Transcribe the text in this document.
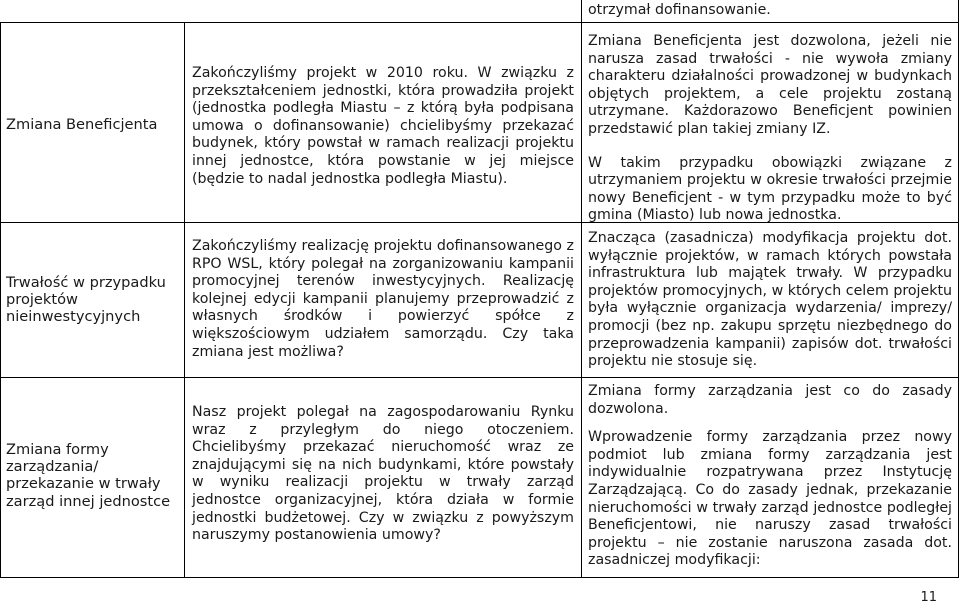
otrzymał dofinansowanie.
Zmiana Beneficjenta

Zakończyliśmy projekt w 2010 roku. W związku z przekształceniem jednostki, która prowadziła projekt (jednostka podległa Miastu – z którą była podpisana umowa o dofinansowanie) chcielibyśmy przekazać budynek, który powstał w ramach realizacji projektu innej jednostce, która powstanie w jej miejsce (będzie to nadal jednostka podległa Miastu).

Zmiana Beneficjenta jest dozwolona, jeżeli nie narusza zasad trwałości - nie wywoła zmiany charakteru działalności prowadzonej w budynkach objętych projektem, a cele projektu zostaną utrzymane. Każdorazowo Beneficjent powinien przedstawić plan takiej zmiany IZ.

W takim przypadku obowiązki związane z utrzymaniem projektu w okresie trwałości przejmie nowy Beneficjent - w tym przypadku może to być gmina (Miasto) lub nowa jednostka.

Trwałość w przypadku projektów nieinwestycyjnych

Zakończyliśmy realizację projektu dofinansowanego z RPO WSL, który polegał na zorganizowaniu kampanii promocyjnej terenów inwestycyjnych. Realizację kolejnej edycji kampanii planujemy przeprowadzić z własnych środków i powierzyć spółce z większościowym udziałem samorządu. Czy taka zmiana jest możliwa?

Znacząca (zasadnicza) modyfikacja projektu dot. wyłącznie projektów, w ramach których powstała infrastruktura lub majątek trwały. W przypadku projektów promocyjnych, w których celem projektu była wyłącznie organizacja wydarzenia/ imprezy/ promocji (bez np. zakupu sprzętu niezbędnego do przeprowadzenia kampanii) zapisów dot. trwałości projektu nie stosuje się.

Zmiana formy zarządzania/ przekazanie w trwały zarząd innej jednostce

Nasz projekt polegał na zagospodarowaniu Rynku wraz z przyległym do niego otoczeniem. Chcielibyśmy przekazać nieruchomość wraz ze znajdującymi się na nich budynkami, które powstały w wyniku realizacji projektu w trwały zarząd jednostce organizacyjnej, która działa w formie jednostki budżetowej. Czy w związku z powyższym naruszymy postanowienia umowy?

Zmiana formy zarządzania jest co do zasady dozwolona.

Wprowadzenie formy zarządzania przez nowy podmiot lub zmiana formy zarządzania jest indywidualnie rozpatrywana przez Instytucję Zarządzającą. Co do zasady jednak, przekazanie nieruchomości w trwały zarząd jednostce podległej Beneficjentowi, nie naruszy zasad trwałości projektu – nie zostanie naruszona zasada dot. zasadniczej modyfikacji:

11
